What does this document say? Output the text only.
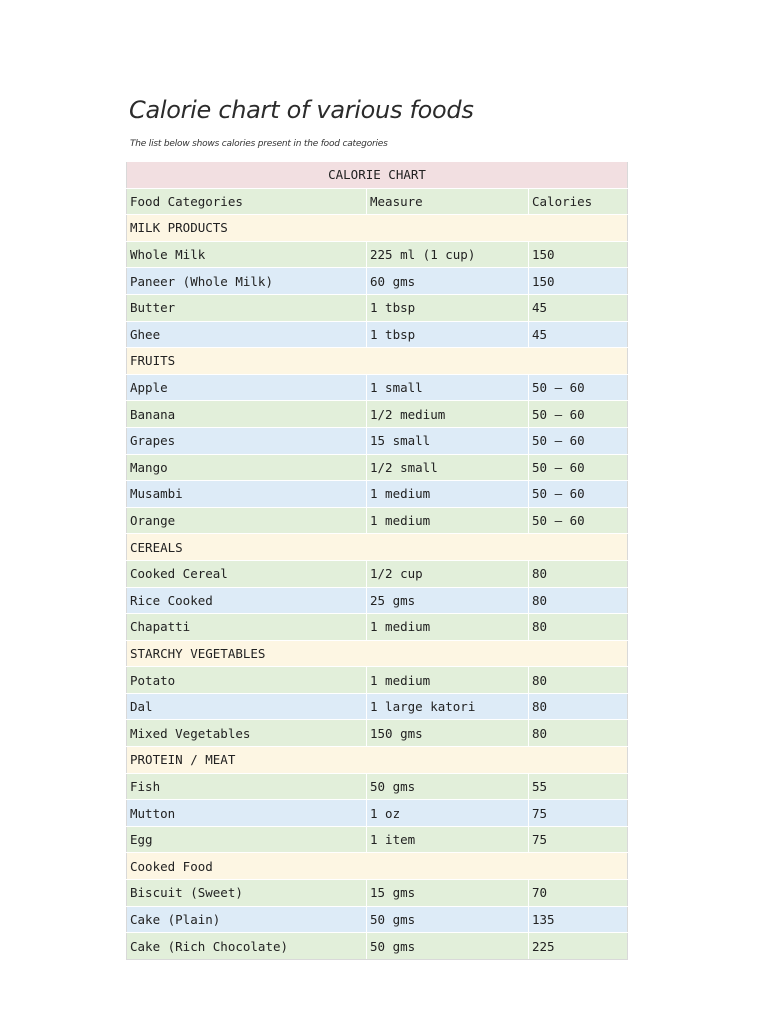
Calorie chart of various foods

The list below shows calories present in the food categories

CALORIE CHART		
Food Categories	Measure	Calories
MILK PRODUCTS		
Whole Milk	225 ml (1 cup)	150
Paneer (Whole Milk)	60 gms	150
Butter	1 tbsp	45
Ghee	1 tbsp	45
FRUITS		
Apple	1 small	50 – 60
Banana	1/2 medium	50 – 60
Grapes	15 small	50 – 60
Mango	1/2 small	50 – 60
Musambi	1 medium	50 – 60
Orange	1 medium	50 – 60
CEREALS		
Cooked Cereal	1/2 cup	80
Rice Cooked	25 gms	80
Chapatti	1 medium	80
STARCHY VEGETABLES		
Potato	1 medium	80
Dal	1 large katori	80
Mixed Vegetables	150 gms	80
PROTEIN / MEAT		
Fish	50 gms	55
Mutton	1 oz	75
Egg	1 item	75
Cooked Food		
Biscuit (Sweet)	15 gms	70
Cake (Plain)	50 gms	135
Cake (Rich Chocolate)	50 gms	225
